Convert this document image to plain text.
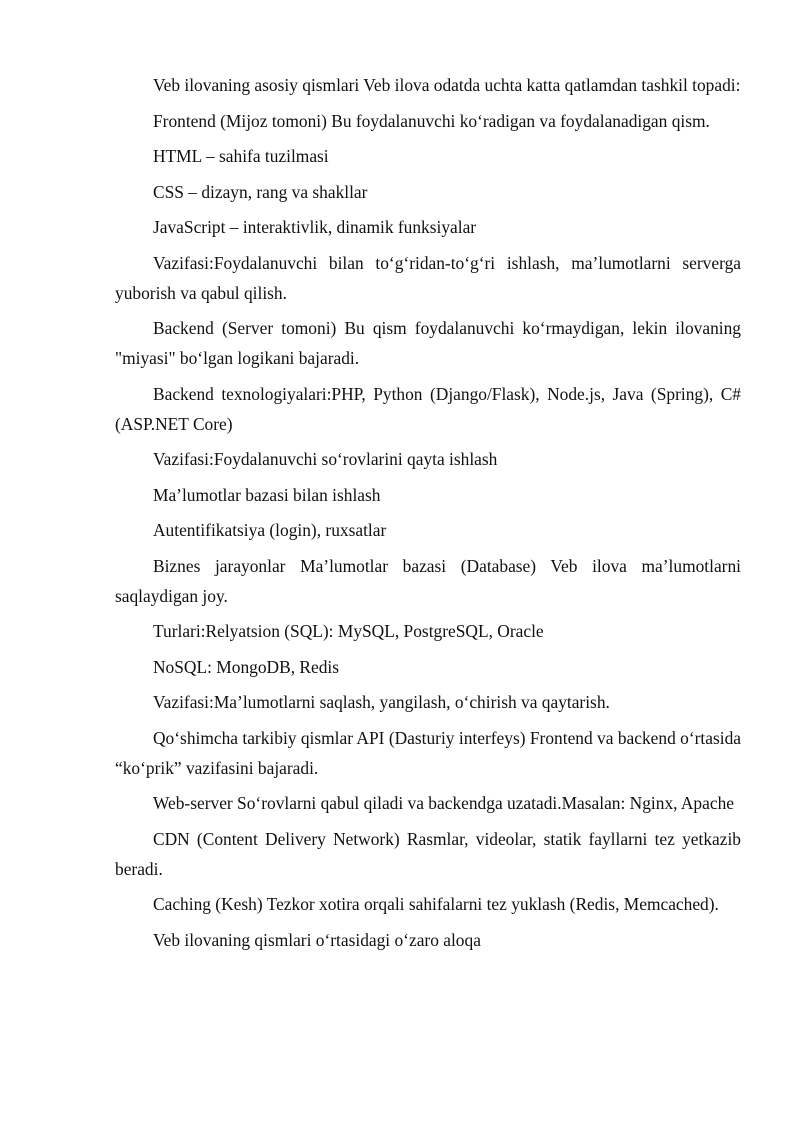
Veb ilovaning asosiy qismlari Veb ilova odatda uchta katta qatlamdan tashkil topadi:

Frontend (Mijoz tomoni) Bu foydalanuvchi koʻradigan va foydalanadigan qism.

HTML – sahifa tuzilmasi

CSS – dizayn, rang va shakllar

JavaScript – interaktivlik, dinamik funksiyalar

Vazifasi:Foydalanuvchi bilan toʻgʻridan-toʻgʻri ishlash, maʼlumotlarni serverga yuborish va qabul qilish.

Backend (Server tomoni) Bu qism foydalanuvchi koʻrmaydigan, lekin ilovaning "miyasi" boʻlgan logikani bajaradi.

Backend texnologiyalari:PHP, Python (Django/Flask), Node.js, Java (Spring), C# (ASP.NET Core)

Vazifasi:Foydalanuvchi soʻrovlarini qayta ishlash

Maʼlumotlar bazasi bilan ishlash

Autentifikatsiya (login), ruxsatlar

Biznes jarayonlar Maʼlumotlar bazasi (Database) Veb ilova maʼlumotlarni saqlaydigan joy.

Turlari:Relyatsion (SQL): MySQL, PostgreSQL, Oracle

NoSQL: MongoDB, Redis

Vazifasi:Maʼlumotlarni saqlash, yangilash, oʻchirish va qaytarish.

Qoʻshimcha tarkibiy qismlar API (Dasturiy interfeys) Frontend va backend oʻrtasida “koʻprik” vazifasini bajaradi.

Web-server Soʻrovlarni qabul qiladi va backendga uzatadi.Masalan: Nginx, Apache

CDN (Content Delivery Network) Rasmlar, videolar, statik fayllarni tez yetkazib beradi.

Caching (Kesh) Tezkor xotira orqali sahifalarni tez yuklash (Redis, Memcached).

Veb ilovaning qismlari oʻrtasidagi oʻzaro aloqa
